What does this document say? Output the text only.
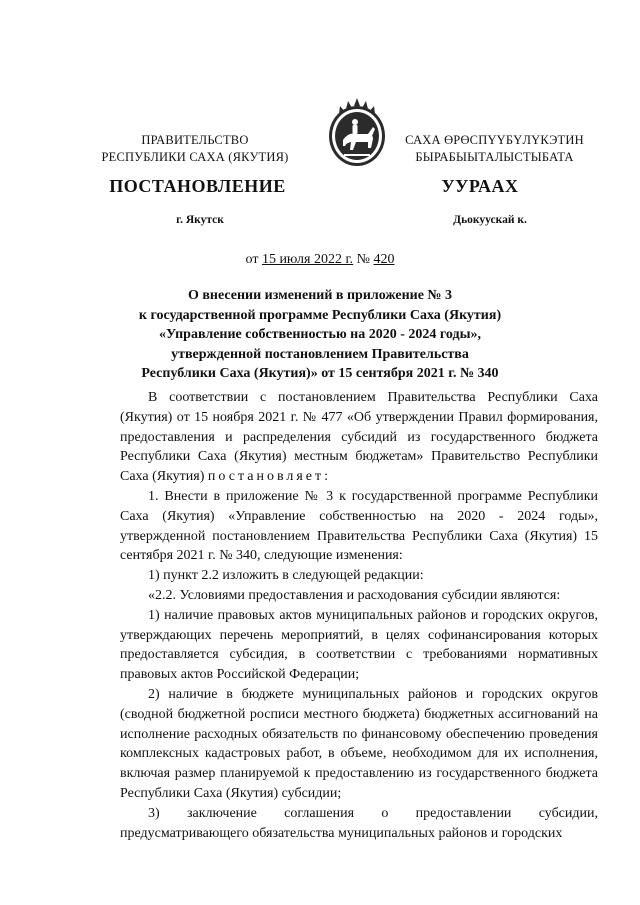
ПРАВИТЕЛЬСТВО
РЕСПУБЛИКИ САХА (ЯКУТИЯ)
САХА ӨРӨСПҮҮБҮЛҮКЭТИН
БЫРАБЫЫТАЛЫСТЫБАТА
ПОСТАНОВЛЕНИЕ	УУРААХ
г. Якутск	Дьокуускай к.
от 15 июля 2022 г. № 420
О внесении изменений в приложение № 3
к государственной программе Республики Саха (Якутия)
«Управление собственностью на 2020 - 2024 годы»,
утвержденной постановлением Правительства
Республики Саха (Якутия)» от 15 сентября 2021 г. № 340

В соответствии с постановлением Правительства Республики Саха (Якутия) от 15 ноября 2021 г. № 477 «Об утверждении Правил формирования, предоставления и распределения субсидий из государственного бюджета Республики Саха (Якутия) местным бюджетам» Правительство Республики Саха (Якутия) постановляет:

1. Внести в приложение № 3 к государственной программе Республики Саха (Якутия) «Управление собственностью на 2020 - 2024 годы», утвержденной постановлением Правительства Республики Саха (Якутия) 15 сентября 2021 г. № 340, следующие изменения:

1) пункт 2.2 изложить в следующей редакции:

«2.2. Условиями предоставления и расходования субсидии являются:

1) наличие правовых актов муниципальных районов и городских округов, утверждающих перечень мероприятий, в целях софинансирования которых предоставляется субсидия, в соответствии с требованиями нормативных правовых актов Российской Федерации;

2) наличие в бюджете муниципальных районов и городских округов (сводной бюджетной росписи местного бюджета) бюджетных ассигнований на исполнение расходных обязательств по финансовому обеспечению проведения комплексных кадастровых работ, в объеме, необходимом для их исполнения, включая размер планируемой к предоставлению из государственного бюджета Республики Саха (Якутия) субсидии;

3) заключение соглашения о предоставлении субсидии, предусматривающего обязательства муниципальных районов и городских
